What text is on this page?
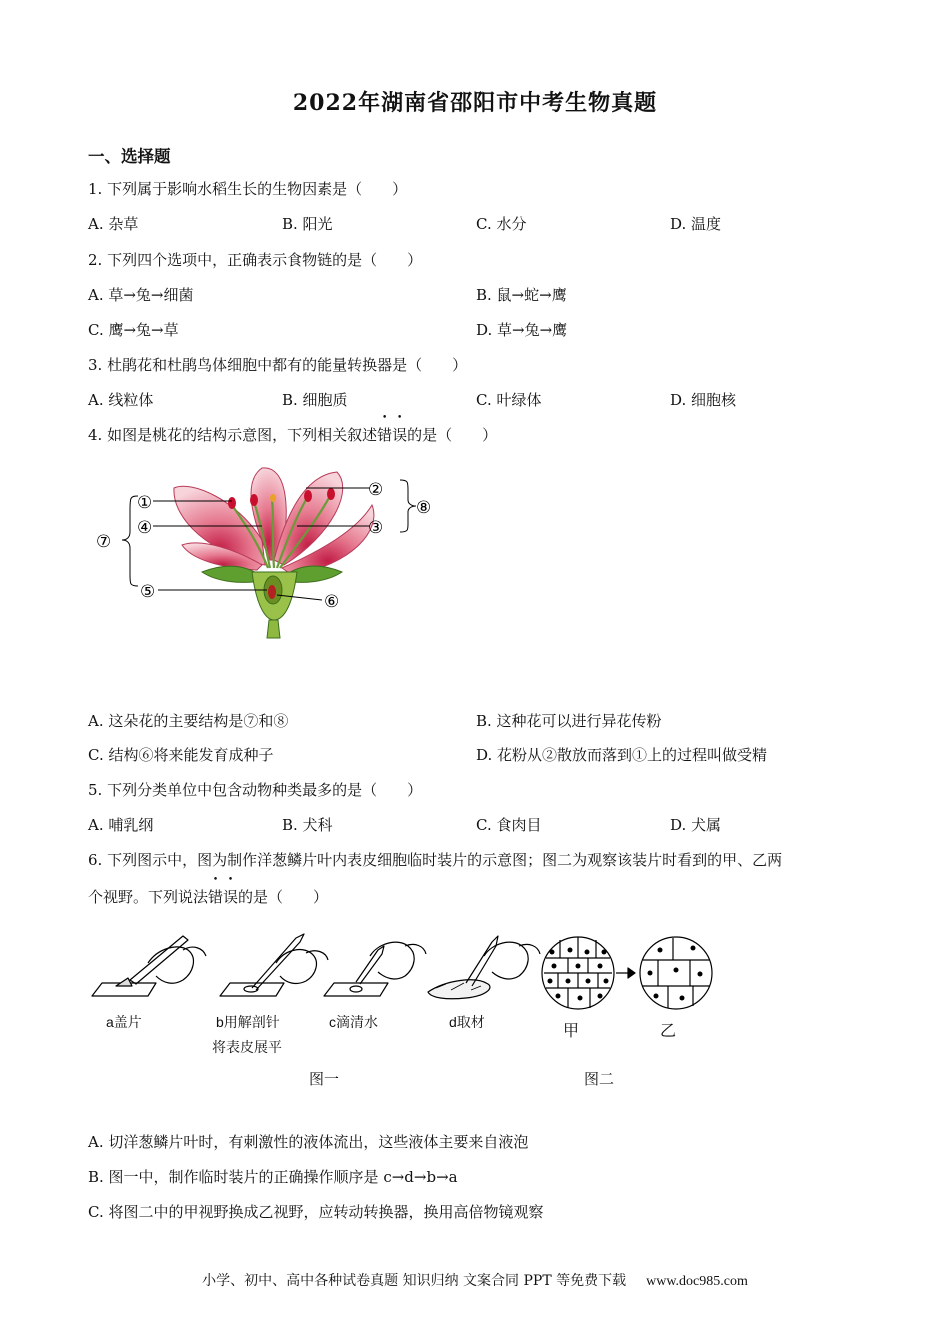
2022年湖南省邵阳市中考生物真题
一、选择题
1. 下列属于影响水稻生长的生物因素是（　　）
A. 杂草	B. 阳光	C. 水分	D. 温度
2. 下列四个选项中，正确表示食物链的是（　　）
A. 草→兔→细菌	B. 鼠→蛇→鹰
C. 鹰→兔→草	D. 草→兔→鹰
3. 杜鹃花和杜鹃鸟体细胞中都有的能量转换器是（　　）
A. 线粒体	B. 细胞质	C. 叶绿体	D. 细胞核
4. 如图是桃花的结构示意图，下列相关叙述错误的是（　　）
①
②
③
④
⑤	⑥
⑦
⑧
A. 这朵花的主要结构是⑦和⑧	B. 这种花可以进行异花传粉
C. 结构⑥将来能发育成种子	D. 花粉从②散放而落到①上的过程叫做受精
5. 下列分类单位中包含动物种类最多的是（　　）
A. 哺乳纲	B. 犬科	C. 食肉目	D. 犬属
6. 下列图示中，图为制作洋葱鳞片叶内表皮细胞临时装片的示意图；图二为观察该装片时看到的甲、乙两
个视野。下列说法错误的是（　　）
a盖片	b用解剖针
将表皮展平
c滴清水	d取材
甲	乙
图一	图二
A. 切洋葱鳞片叶时，有刺激性的液体流出，这些液体主要来自液泡
B. 图一中，制作临时装片的正确操作顺序是 c→d→b→a
C. 将图二中的甲视野换成乙视野，应转动转换器，换用高倍物镜观察
小学、初中、高中各种试卷真题 知识归纳 文案合同 PPT 等免费下载 www.doc985.com
